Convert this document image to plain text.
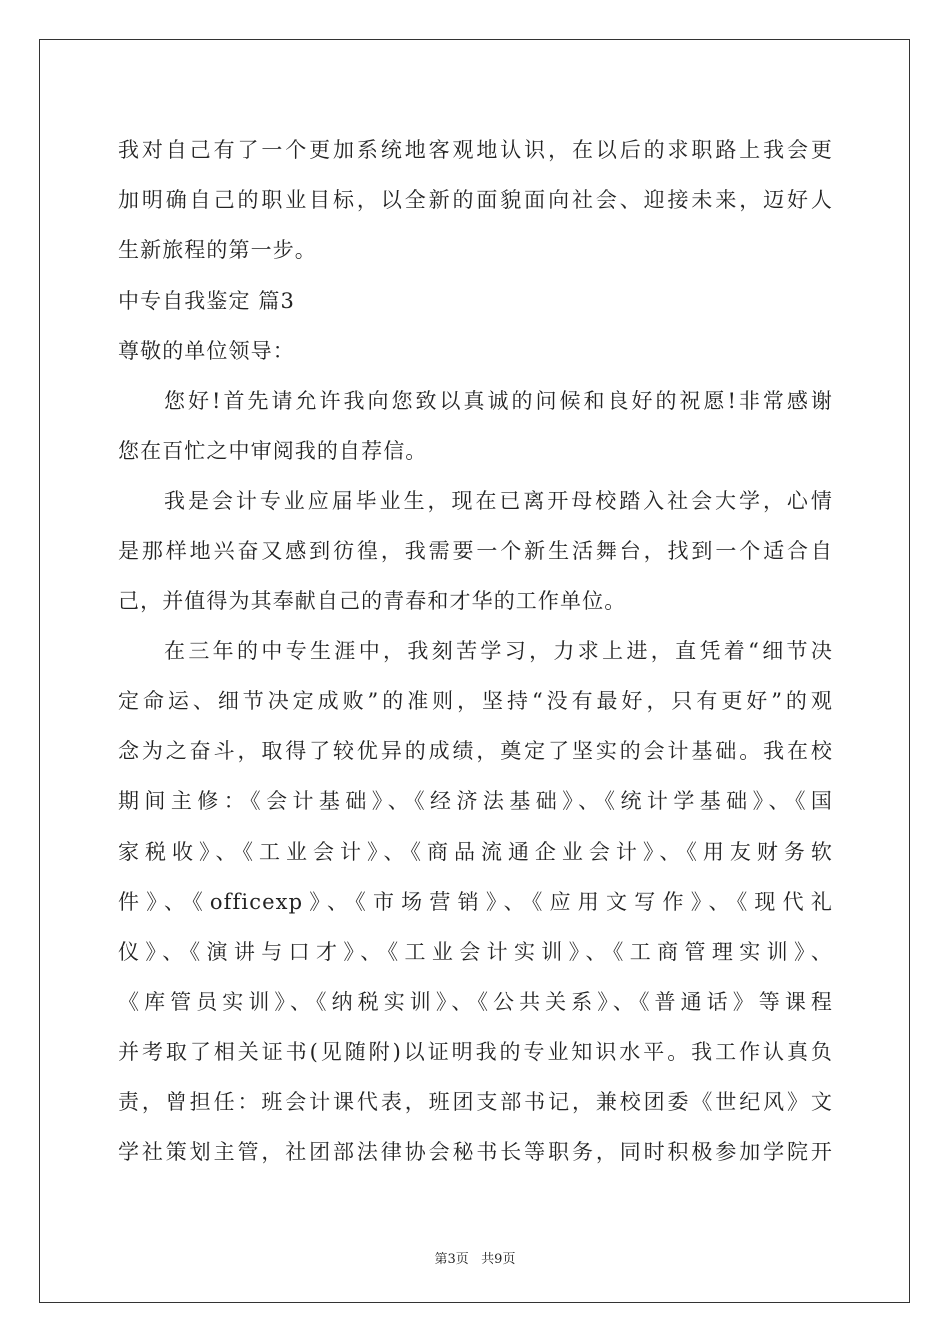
我对自己有了一个更加系统地客观地认识，在以后的求职路上我会更
加明确自己的职业目标，以全新的面貌面向社会、迎接未来，迈好人
生新旅程的第一步。
中专自我鉴定 篇3
尊敬的单位领导：
您好!首先请允许我向您致以真诚的问候和良好的祝愿!非常感谢
您在百忙之中审阅我的自荐信。
我是会计专业应届毕业生，现在已离开母校踏入社会大学，心情
是那样地兴奋又感到彷徨，我需要一个新生活舞台，找到一个适合自
己，并值得为其奉献自己的青春和才华的工作单位。
在三年的中专生涯中，我刻苦学习，力求上进，直凭着“细节决
定命运、细节决定成败”的准则，坚持“没有最好，只有更好”的观
念为之奋斗，取得了较优异的成绩，奠定了坚实的会计基础。我在校
期间主修：《会计基础》、《经济法基础》、《统计学基础》、《国
家税收》、《工业会计》、《商品流通企业会计》、《用友财务软
件》、《officexp》、《市场营销》、《应用文写作》、《现代礼
仪》、《演讲与口才》、《工业会计实训》、《工商管理实训》、
《库管员实训》、《纳税实训》、《公共关系》、《普通话》等课程
并考取了相关证书(见随附)以证明我的专业知识水平。我工作认真负
责，曾担任：班会计课代表，班团支部书记，兼校团委《世纪风》文
学社策划主管，社团部法律协会秘书长等职务，同时积极参加学院开
第3页   共9页
